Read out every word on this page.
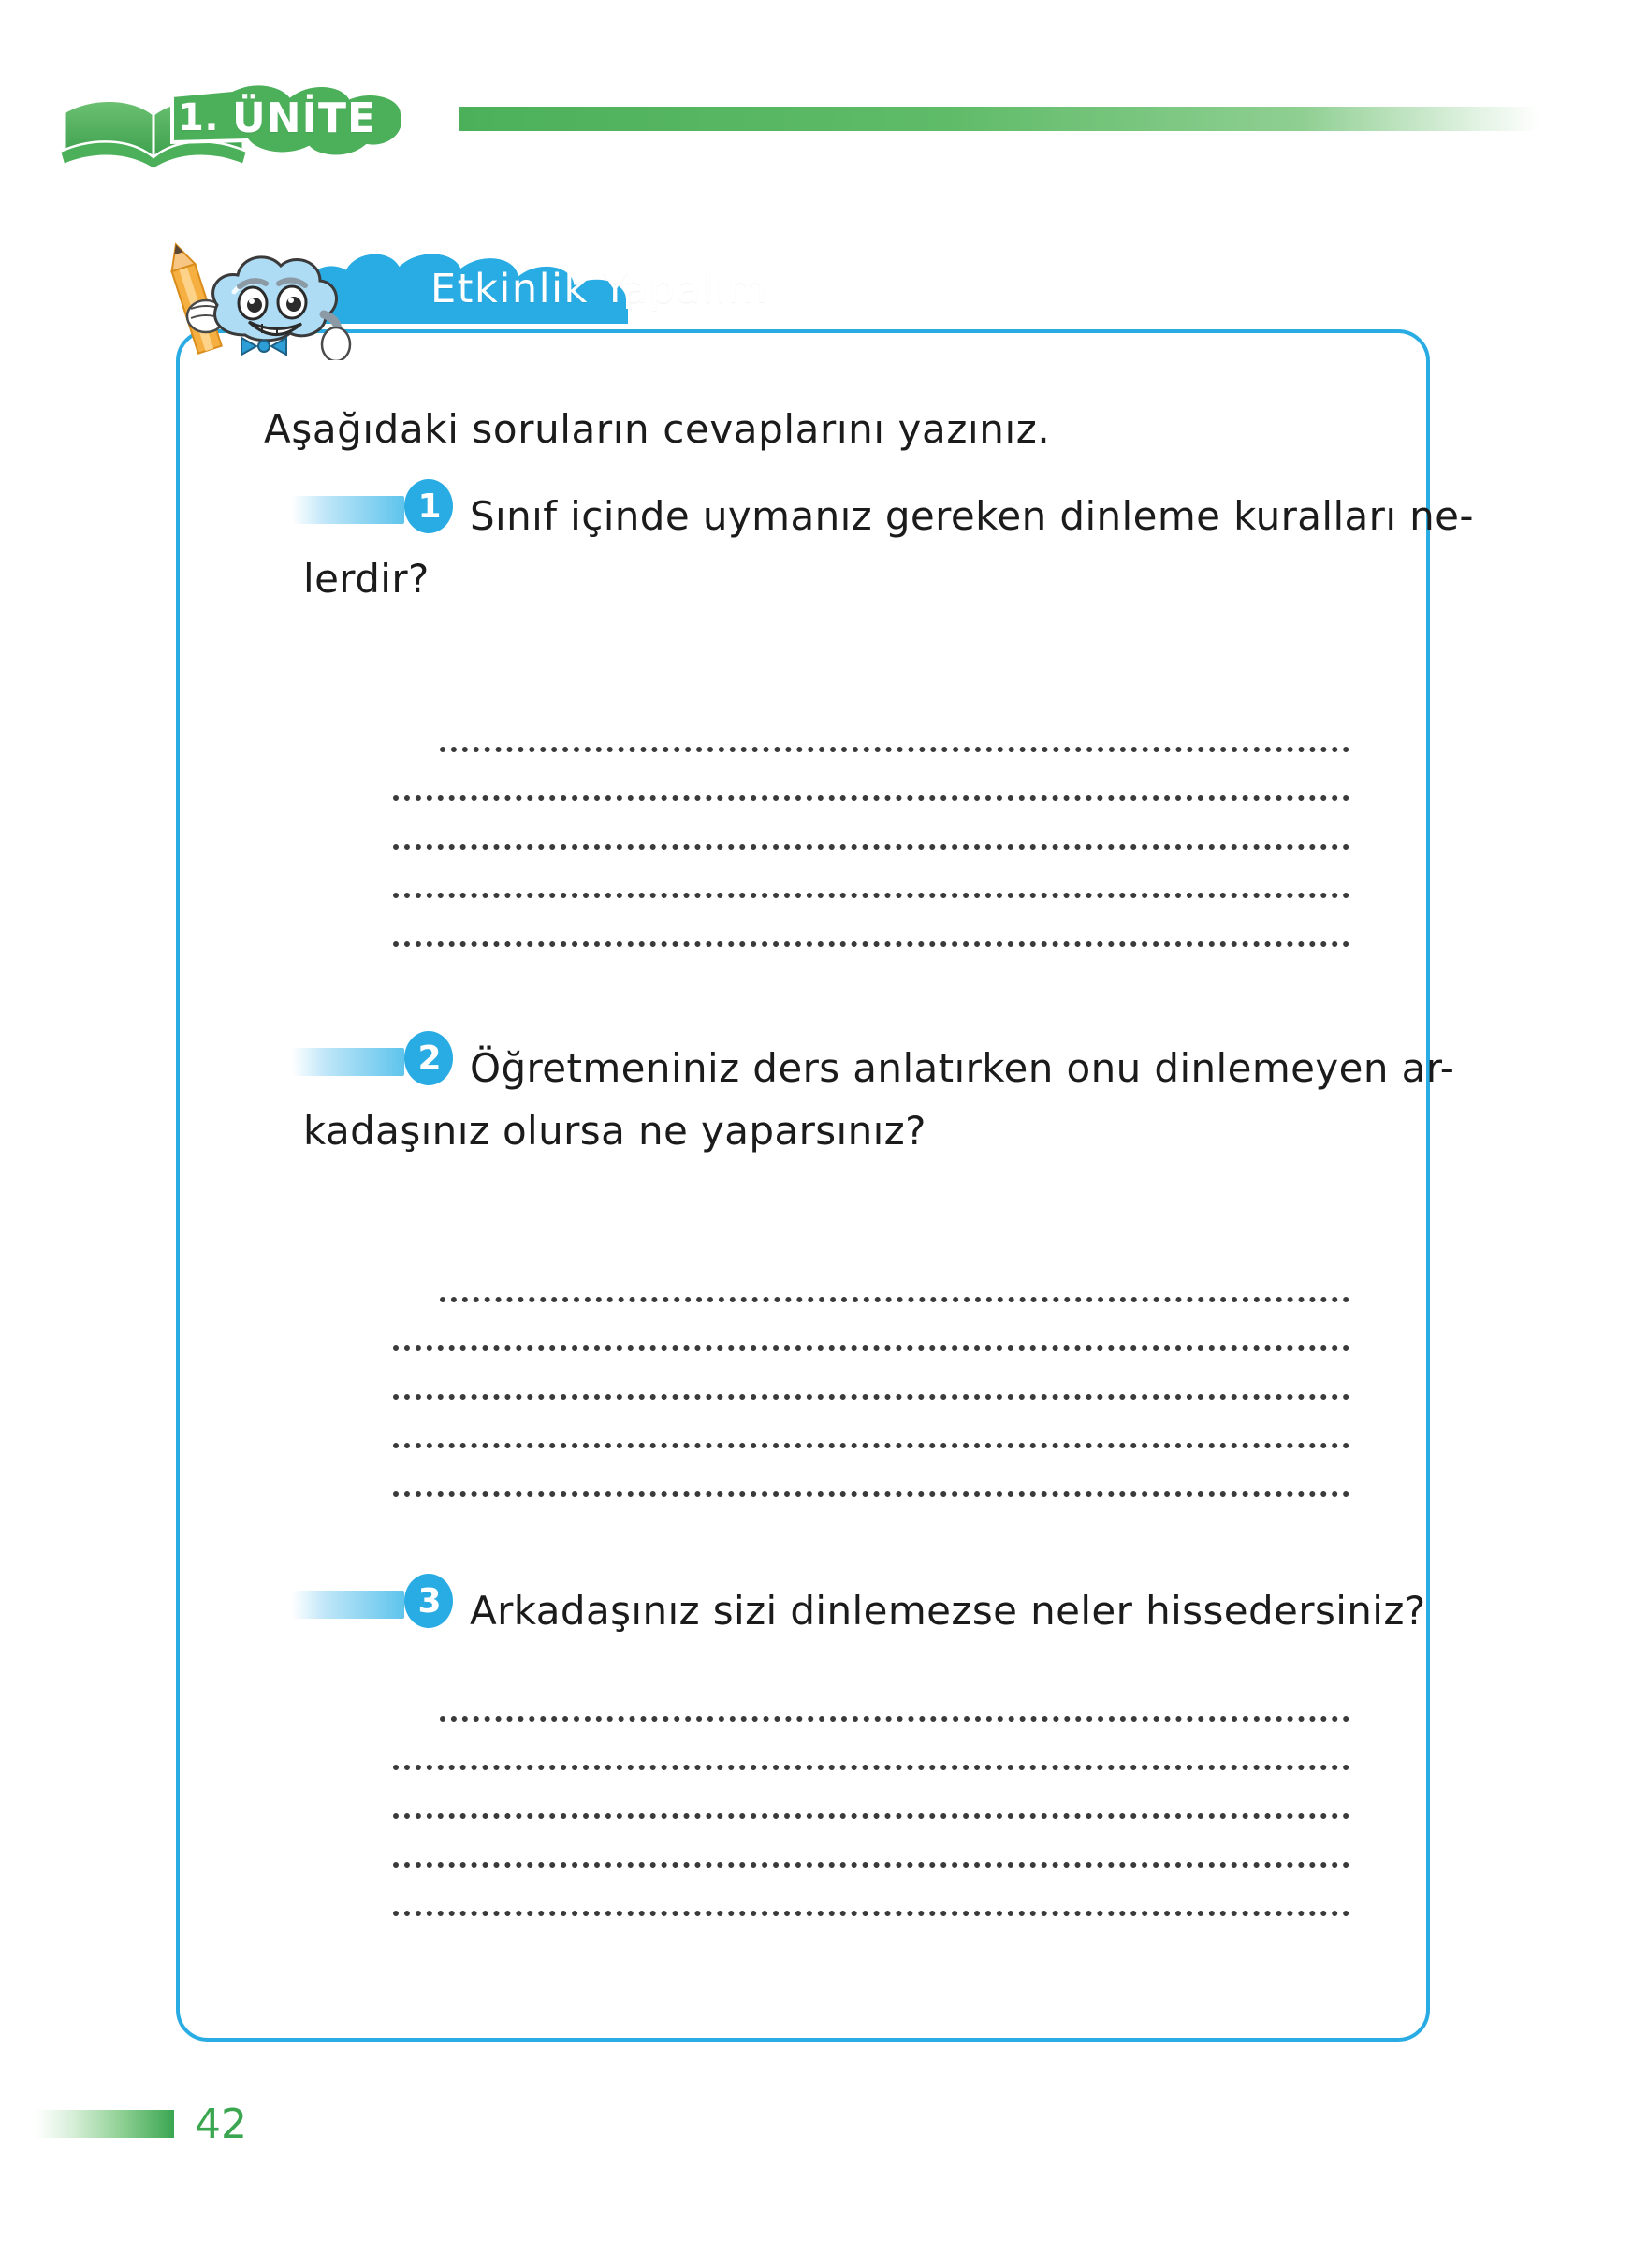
1. ÜNİTE
Etkinlik Yapalım
Aşağıdaki soruların cevaplarını yazınız.
)
1 Sınıf içinde uymanız gereken dinleme kuralları ne-
lerdir?
)
2 Öğretmeniniz ders anlatırken onu dinlemeyen ar-
kadaşınız olursa ne yaparsınız?
)
3 Arkadaşınız sizi dinlemezse neler hissedersiniz?
42
